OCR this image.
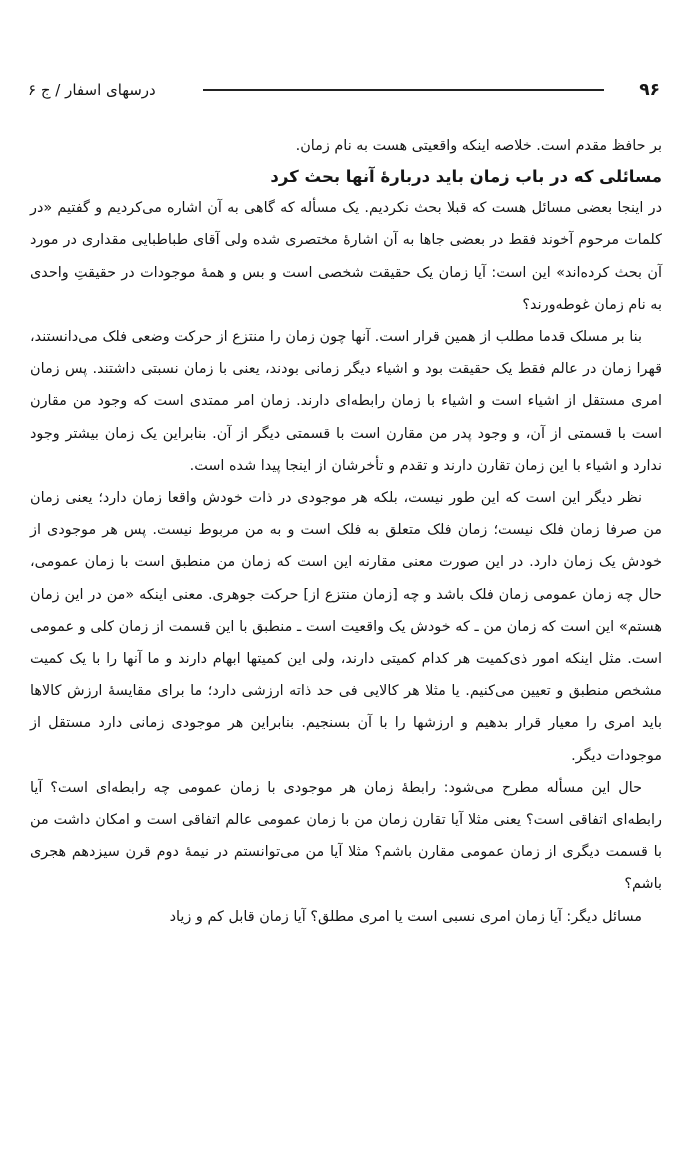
۹۶
درسهای اسفار / ج ۶

بر حافظ مقدم است. خلاصه اینکه واقعیتی هست به نام زمان.

مسائلی که در باب زمان باید دربارهٔ آنها بحث کرد

در اینجا بعضی مسائل هست که قبلا بحث نکردیم. یک مسأله که گاهی به آن اشاره می‌کردیم و گفتیم «در کلمات مرحوم آخوند فقط در بعضی جاها به آن اشارهٔ مختصری شده ولی آقای طباطبایی مقداری در مورد آن بحث کرده‌اند» این است: آیا زمان یک حقیقت شخصی است و بس و همهٔ موجودات در حقیقتِ واحدی به نام زمان غوطه‌ورند؟

بنا بر مسلک قدما مطلب از همین قرار است. آنها چون زمان را منتزع از حرکت وضعی فلک می‌دانستند، قهرا زمان در عالم فقط یک حقیقت بود و اشیاء دیگر زمانی بودند، یعنی با زمان نسبتی داشتند. پس زمان امری مستقل از اشیاء است و اشیاء با زمان رابطه‌ای دارند. زمان امر ممتدی است که وجود من مقارن است با قسمتی از آن، و وجود پدر من مقارن است با قسمتی دیگر از آن. بنابراین یک زمان بیشتر وجود ندارد و اشیاء با این زمان تقارن دارند و تقدم و تأخرشان از اینجا پیدا شده است.

نظر دیگر این است که این طور نیست، بلکه هر موجودی در ذات خودش واقعا زمان دارد؛ یعنی زمان من صرفا زمان فلک نیست؛ زمان فلک متعلق به فلک است و به من مربوط نیست. پس هر موجودی از خودش یک زمان دارد. در این صورت معنی مقارنه این است که زمان من منطبق است با زمان عمومی، حال چه زمان عمومی زمان فلک باشد و چه [زمان منتزع از] حرکت جوهری. معنی اینکه «من در این زمان هستم» این است که زمان من ـ که خودش یک واقعیت است ـ منطبق با این قسمت از زمان کلی و عمومی است. مثل اینکه امور ذی‌کمیت هر کدام کمیتی دارند، ولی این کمیتها ابهام دارند و ما آنها را با یک کمیت مشخص منطبق و تعیین می‌کنیم. یا مثلا هر کالایی فی حد ذاته ارزشی دارد؛ ما برای مقایسهٔ ارزش کالاها باید امری را معیار قرار بدهیم و ارزشها را با آن بسنجیم. بنابراین هر موجودی زمانی دارد مستقل از موجودات دیگر.

حال این مسأله مطرح می‌شود: رابطهٔ زمان هر موجودی با زمان عمومی چه رابطه‌ای است؟ آیا رابطه‌ای اتفاقی است؟ یعنی مثلا آیا تقارن زمان من با زمان عمومی عالم اتفاقی است و امکان داشت من با قسمت دیگری از زمان عمومی مقارن باشم؟ مثلا آیا من می‌توانستم در نیمهٔ دوم قرن سیزدهم هجری باشم؟

مسائل دیگر: آیا زمان امری نسبی است یا امری مطلق؟ آیا زمان قابل کم و زیاد
